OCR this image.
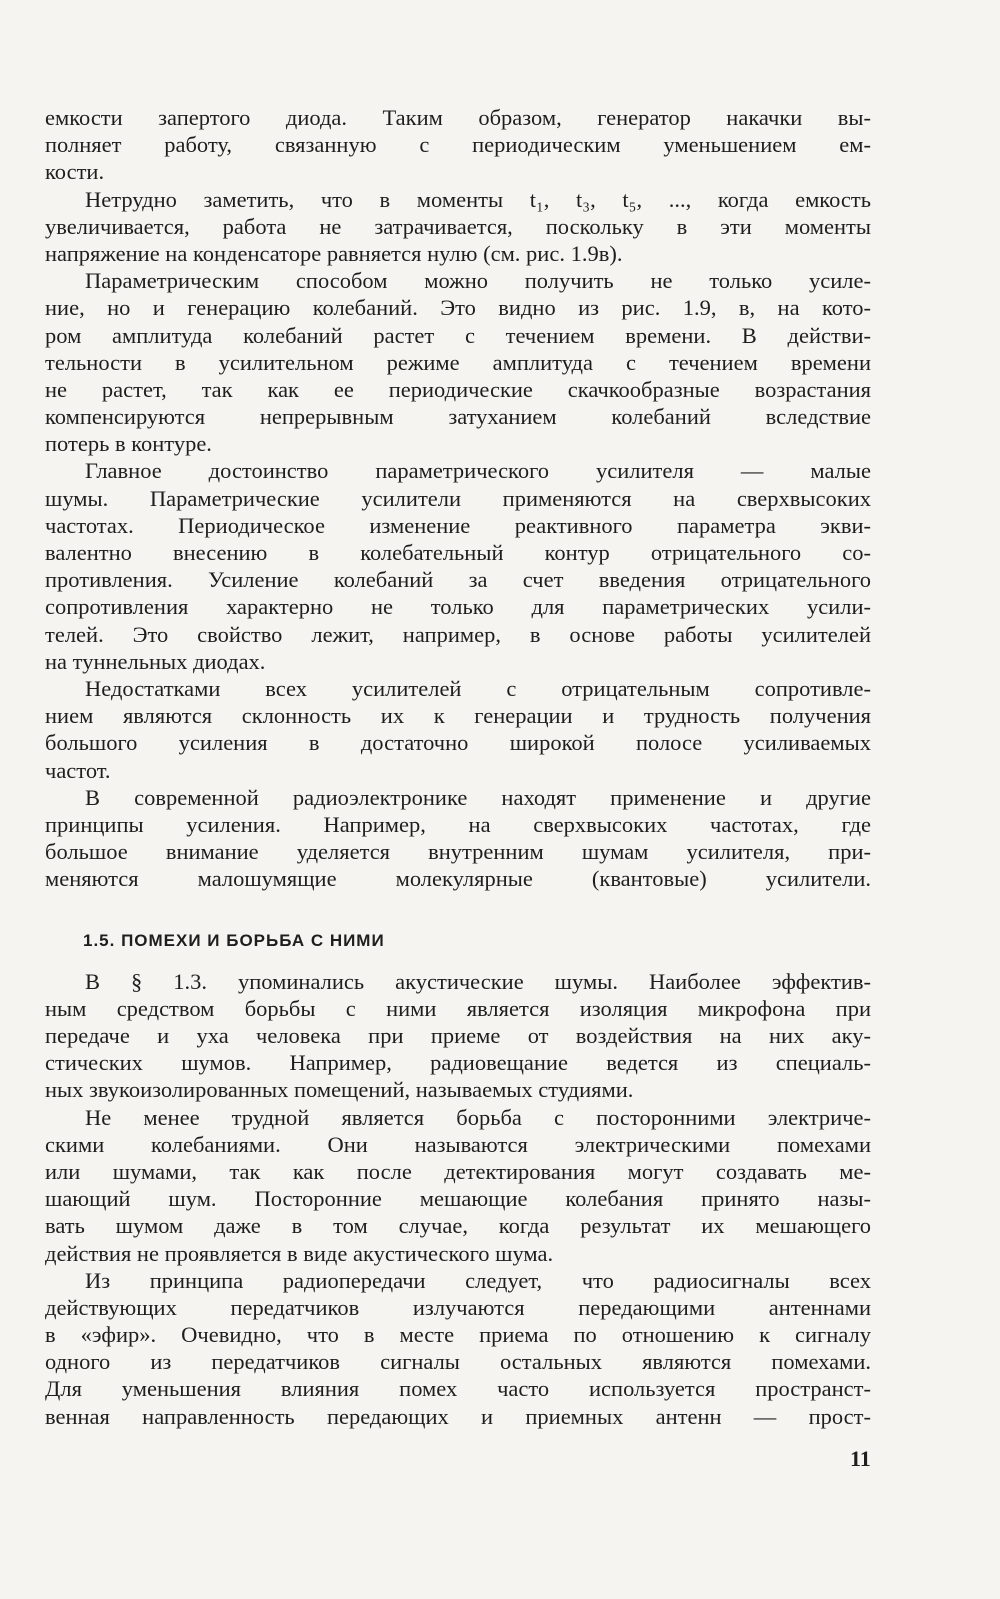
емкости запертого диода. Таким образом, генератор накачки вы-
полняет работу, связанную с периодическим уменьшением ем-
кости.
Нетрудно заметить, что в моменты t₁, t₃, t₅, ..., когда емкость
увеличивается, работа не затрачивается, поскольку в эти моменты
напряжение на конденсаторе равняется нулю (см. рис. 1.9в).
Параметрическим способом можно получить не только усиле-
ние, но и генерацию колебаний. Это видно из рис. 1.9, в, на кото-
ром амплитуда колебаний растет с течением времени. В действи-
тельности в усилительном режиме амплитуда с течением времени
не растет, так как ее периодические скачкообразные возрастания
компенсируются непрерывным затуханием колебаний вследствие
потерь в контуре.
Главное достоинство параметрического усилителя — малые
шумы. Параметрические усилители применяются на сверхвысоких
частотах. Периодическое изменение реактивного параметра экви-
валентно внесению в колебательный контур отрицательного со-
противления. Усиление колебаний за счет введения отрицательного
сопротивления характерно не только для параметрических усили-
телей. Это свойство лежит, например, в основе работы усилителей
на туннельных диодах.
Недостатками всех усилителей с отрицательным сопротивле-
нием являются склонность их к генерации и трудность получения
большого усиления в достаточно широкой полосе усиливаемых
частот.
В современной радиоэлектронике находят применение и другие
принципы усиления. Например, на сверхвысоких частотах, где
большое внимание уделяется внутренним шумам усилителя, при-
меняются малошумящие молекулярные (квантовые) усилители.
1.5. ПОМЕХИ И БОРЬБА С НИМИ
В § 1.3. упоминались акустические шумы. Наиболее эффектив-
ным средством борьбы с ними является изоляция микрофона при
передаче и уха человека при приеме от воздействия на них аку-
стических шумов. Например, радиовещание ведется из специаль-
ных звукоизолированных помещений, называемых студиями.
Не менее трудной является борьба с посторонними электриче-
скими колебаниями. Они называются электрическими помехами
или шумами, так как после детектирования могут создавать ме-
шающий шум. Посторонние мешающие колебания принято назы-
вать шумом даже в том случае, когда результат их мешающего
действия не проявляется в виде акустического шума.
Из принципа радиопередачи следует, что радиосигналы всех
действующих передатчиков излучаются передающими антеннами
в «эфир». Очевидно, что в месте приема по отношению к сигналу
одного из передатчиков сигналы остальных являются помехами.
Для уменьшения влияния помех часто используется пространст-
венная направленность передающих и приемных антенн — прост-
11
